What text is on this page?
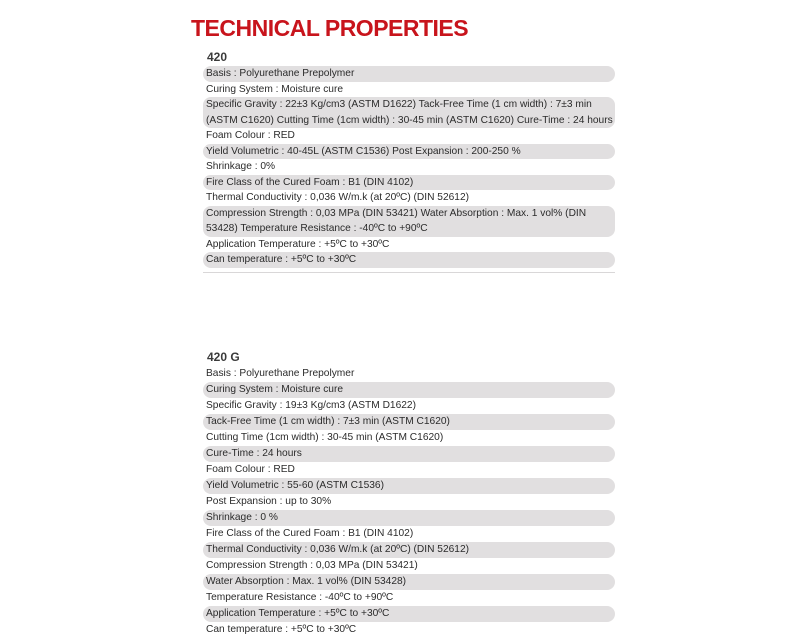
TECHNICAL PROPERTIES
420
Basis : Polyurethane Prepolymer
Curing System : Moisture cure
Specific Gravity : 22±3 Kg/cm3 (ASTM D1622) Tack-Free Time (1 cm width) : 7±3 min (ASTM C1620) Cutting Time (1cm width) : 30-45 min (ASTM C1620) Cure-Time : 24 hours
Foam Colour : RED
Yield Volumetric : 40-45L (ASTM C1536) Post Expansion : 200-250 %
Shrinkage : 0%
Fire Class of the Cured Foam : B1 (DIN 4102)
Thermal Conductivity : 0,036 W/m.k (at 20ºC) (DIN 52612)
Compression Strength : 0,03 MPa (DIN 53421) Water Absorption : Max. 1 vol% (DIN 53428) Temperature Resistance : -40ºC to +90ºC
Application Temperature : +5ºC to +30ºC
Can temperature : +5ºC to +30ºC
420 G
Basis : Polyurethane Prepolymer
Curing System : Moisture cure
Specific Gravity : 19±3 Kg/cm3 (ASTM D1622)
Tack-Free Time (1 cm width) : 7±3 min (ASTM C1620)
Cutting Time (1cm width) : 30-45 min (ASTM C1620)
Cure-Time : 24 hours
Foam Colour : RED
Yield Volumetric : 55-60 (ASTM C1536)
Post Expansion : up to 30%
Shrinkage : 0 %
Fire Class of the Cured Foam : B1 (DIN 4102)
Thermal Conductivity : 0,036 W/m.k (at 20ºC) (DIN 52612)
Compression Strength : 0,03 MPa (DIN 53421)
Water Absorption : Max. 1 vol% (DIN 53428)
Temperature Resistance : -40ºC to +90ºC
Application Temperature : +5ºC to +30ºC
Can temperature : +5ºC to +30ºC
